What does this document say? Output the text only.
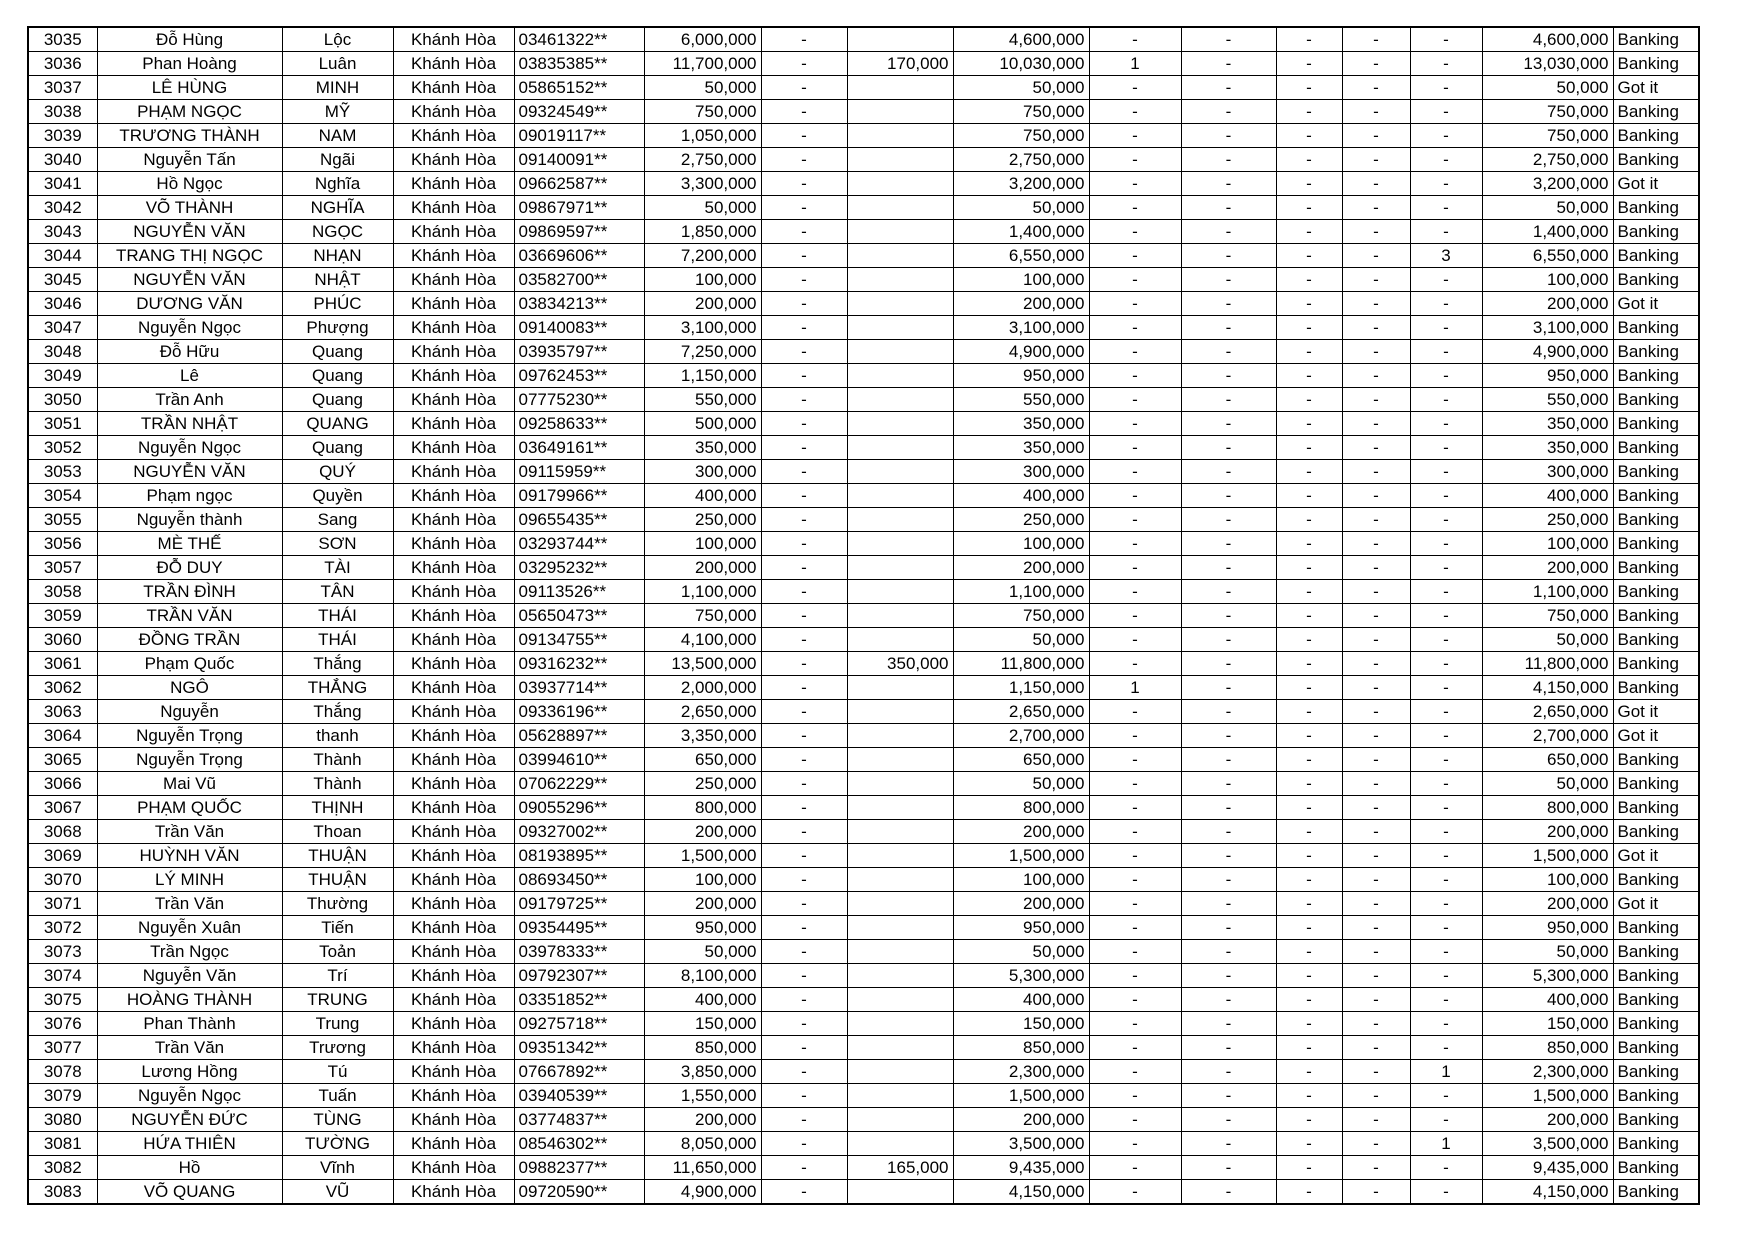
3035	Đỗ Hùng	Lộc	Khánh Hòa	03461322**	6,000,000	-		4,600,000	-	-	-	-	-	4,600,000	Banking
3036	Phan Hoàng	Luân	Khánh Hòa	03835385**	11,700,000	-	170,000	10,030,000	1	-	-	-	-	13,030,000	Banking
3037	LÊ HÙNG	MINH	Khánh Hòa	05865152**	50,000	-		50,000	-	-	-	-	-	50,000	Got it
3038	PHẠM NGỌC	MỸ	Khánh Hòa	09324549**	750,000	-		750,000	-	-	-	-	-	750,000	Banking
3039	TRƯƠNG THÀNH	NAM	Khánh Hòa	09019117**	1,050,000	-		750,000	-	-	-	-	-	750,000	Banking
3040	Nguyễn Tấn	Ngãi	Khánh Hòa	09140091**	2,750,000	-		2,750,000	-	-	-	-	-	2,750,000	Banking
3041	Hồ Ngọc	Nghĩa	Khánh Hòa	09662587**	3,300,000	-		3,200,000	-	-	-	-	-	3,200,000	Got it
3042	VÕ THÀNH	NGHĨA	Khánh Hòa	09867971**	50,000	-		50,000	-	-	-	-	-	50,000	Banking
3043	NGUYỄN VĂN	NGỌC	Khánh Hòa	09869597**	1,850,000	-		1,400,000	-	-	-	-	-	1,400,000	Banking
3044	TRANG THỊ NGỌC	NHẠN	Khánh Hòa	03669606**	7,200,000	-		6,550,000	-	-	-	-	3	6,550,000	Banking
3045	NGUYỄN VĂN	NHẬT	Khánh Hòa	03582700**	100,000	-		100,000	-	-	-	-	-	100,000	Banking
3046	DƯƠNG VĂN	PHÚC	Khánh Hòa	03834213**	200,000	-		200,000	-	-	-	-	-	200,000	Got it
3047	Nguyễn Ngọc	Phượng	Khánh Hòa	09140083**	3,100,000	-		3,100,000	-	-	-	-	-	3,100,000	Banking
3048	Đỗ Hữu	Quang	Khánh Hòa	03935797**	7,250,000	-		4,900,000	-	-	-	-	-	4,900,000	Banking
3049	Lê	Quang	Khánh Hòa	09762453**	1,150,000	-		950,000	-	-	-	-	-	950,000	Banking
3050	Trần Anh	Quang	Khánh Hòa	07775230**	550,000	-		550,000	-	-	-	-	-	550,000	Banking
3051	TRẦN NHẬT	QUANG	Khánh Hòa	09258633**	500,000	-		350,000	-	-	-	-	-	350,000	Banking
3052	Nguyễn Ngọc	Quang	Khánh Hòa	03649161**	350,000	-		350,000	-	-	-	-	-	350,000	Banking
3053	NGUYỄN VĂN	QUÝ	Khánh Hòa	09115959**	300,000	-		300,000	-	-	-	-	-	300,000	Banking
3054	Phạm ngọc	Quyền	Khánh Hòa	09179966**	400,000	-		400,000	-	-	-	-	-	400,000	Banking
3055	Nguyễn thành	Sang	Khánh Hòa	09655435**	250,000	-		250,000	-	-	-	-	-	250,000	Banking
3056	MÈ THẾ	SƠN	Khánh Hòa	03293744**	100,000	-		100,000	-	-	-	-	-	100,000	Banking
3057	ĐỖ DUY	TÀI	Khánh Hòa	03295232**	200,000	-		200,000	-	-	-	-	-	200,000	Banking
3058	TRẦN ĐÌNH	TÂN	Khánh Hòa	09113526**	1,100,000	-		1,100,000	-	-	-	-	-	1,100,000	Banking
3059	TRẦN VĂN	THÁI	Khánh Hòa	05650473**	750,000	-		750,000	-	-	-	-	-	750,000	Banking
3060	ĐỒNG TRẦN	THÁI	Khánh Hòa	09134755**	4,100,000	-		50,000	-	-	-	-	-	50,000	Banking
3061	Phạm Quốc	Thắng	Khánh Hòa	09316232**	13,500,000	-	350,000	11,800,000	-	-	-	-	-	11,800,000	Banking
3062	NGÔ	THẮNG	Khánh Hòa	03937714**	2,000,000	-		1,150,000	1	-	-	-	-	4,150,000	Banking
3063	Nguyễn	Thắng	Khánh Hòa	09336196**	2,650,000	-		2,650,000	-	-	-	-	-	2,650,000	Got it
3064	Nguyễn Trọng	thanh	Khánh Hòa	05628897**	3,350,000	-		2,700,000	-	-	-	-	-	2,700,000	Got it
3065	Nguyễn Trọng	Thành	Khánh Hòa	03994610**	650,000	-		650,000	-	-	-	-	-	650,000	Banking
3066	Mai Vũ	Thành	Khánh Hòa	07062229**	250,000	-		50,000	-	-	-	-	-	50,000	Banking
3067	PHẠM QUỐC	THỊNH	Khánh Hòa	09055296**	800,000	-		800,000	-	-	-	-	-	800,000	Banking
3068	Trần Văn	Thoan	Khánh Hòa	09327002**	200,000	-		200,000	-	-	-	-	-	200,000	Banking
3069	HUỲNH VĂN	THUẬN	Khánh Hòa	08193895**	1,500,000	-		1,500,000	-	-	-	-	-	1,500,000	Got it
3070	LÝ MINH	THUẬN	Khánh Hòa	08693450**	100,000	-		100,000	-	-	-	-	-	100,000	Banking
3071	Trần Văn	Thường	Khánh Hòa	09179725**	200,000	-		200,000	-	-	-	-	-	200,000	Got it
3072	Nguyễn Xuân	Tiến	Khánh Hòa	09354495**	950,000	-		950,000	-	-	-	-	-	950,000	Banking
3073	Trần Ngọc	Toản	Khánh Hòa	03978333**	50,000	-		50,000	-	-	-	-	-	50,000	Banking
3074	Nguyễn Văn	Trí	Khánh Hòa	09792307**	8,100,000	-		5,300,000	-	-	-	-	-	5,300,000	Banking
3075	HOÀNG THÀNH	TRUNG	Khánh Hòa	03351852**	400,000	-		400,000	-	-	-	-	-	400,000	Banking
3076	Phan Thành	Trung	Khánh Hòa	09275718**	150,000	-		150,000	-	-	-	-	-	150,000	Banking
3077	Trần Văn	Trương	Khánh Hòa	09351342**	850,000	-		850,000	-	-	-	-	-	850,000	Banking
3078	Lương Hồng	Tú	Khánh Hòa	07667892**	3,850,000	-		2,300,000	-	-	-	-	1	2,300,000	Banking
3079	Nguyễn Ngọc	Tuấn	Khánh Hòa	03940539**	1,550,000	-		1,500,000	-	-	-	-	-	1,500,000	Banking
3080	NGUYỄN ĐỨC	TÙNG	Khánh Hòa	03774837**	200,000	-		200,000	-	-	-	-	-	200,000	Banking
3081	HỨA THIÊN	TƯỜNG	Khánh Hòa	08546302**	8,050,000	-		3,500,000	-	-	-	-	1	3,500,000	Banking
3082	Hồ	Vĩnh	Khánh Hòa	09882377**	11,650,000	-	165,000	9,435,000	-	-	-	-	-	9,435,000	Banking
3083	VÕ QUANG	VŨ	Khánh Hòa	09720590**	4,900,000	-		4,150,000	-	-	-	-	-	4,150,000	Banking
